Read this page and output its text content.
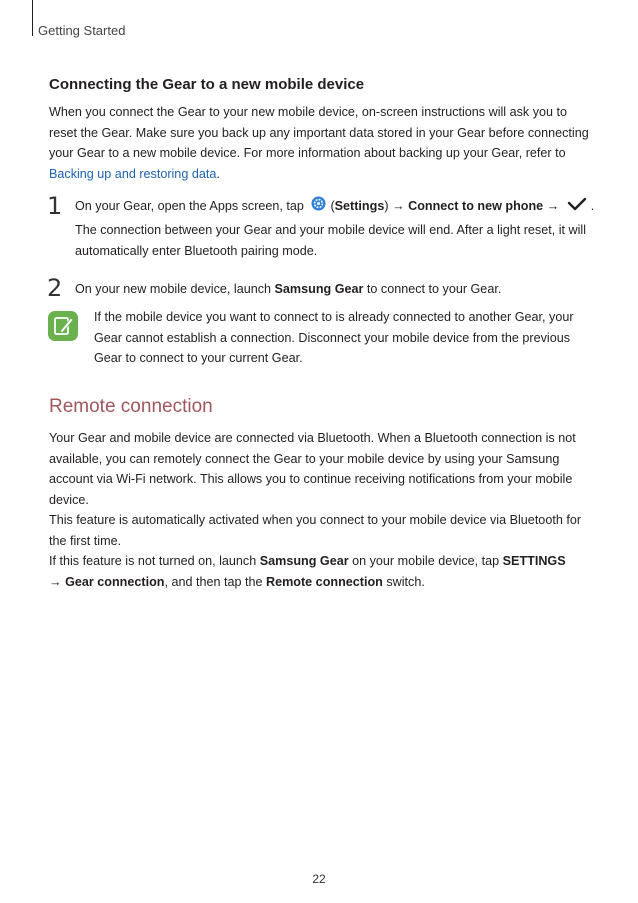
Getting Started
Connecting the Gear to a new mobile device
When you connect the Gear to your new mobile device, on-screen instructions will ask you to reset the Gear. Make sure you back up any important data stored in your Gear before connecting your Gear to a new mobile device. For more information about backing up your Gear, refer to Backing up and restoring data.
1 On your Gear, open the Apps screen, tap (Settings) → Connect to new phone →	.
The connection between your Gear and your mobile device will end. After a light reset, it will automatically enter Bluetooth pairing mode.
2 On your new mobile device, launch Samsung Gear to connect to your Gear.
If the mobile device you want to connect to is already connected to another Gear, your Gear cannot establish a connection. Disconnect your mobile device from the previous Gear to connect to your current Gear.
Remote connection
Your Gear and mobile device are connected via Bluetooth. When a Bluetooth connection is not available, you can remotely connect the Gear to your mobile device by using your Samsung account via Wi-Fi network. This allows you to continue receiving notifications from your mobile device.
This feature is automatically activated when you connect to your mobile device via Bluetooth for the first time.
If this feature is not turned on, launch Samsung Gear on your mobile device, tap SETTINGS
→ Gear connection, and then tap the Remote connection switch.
22
